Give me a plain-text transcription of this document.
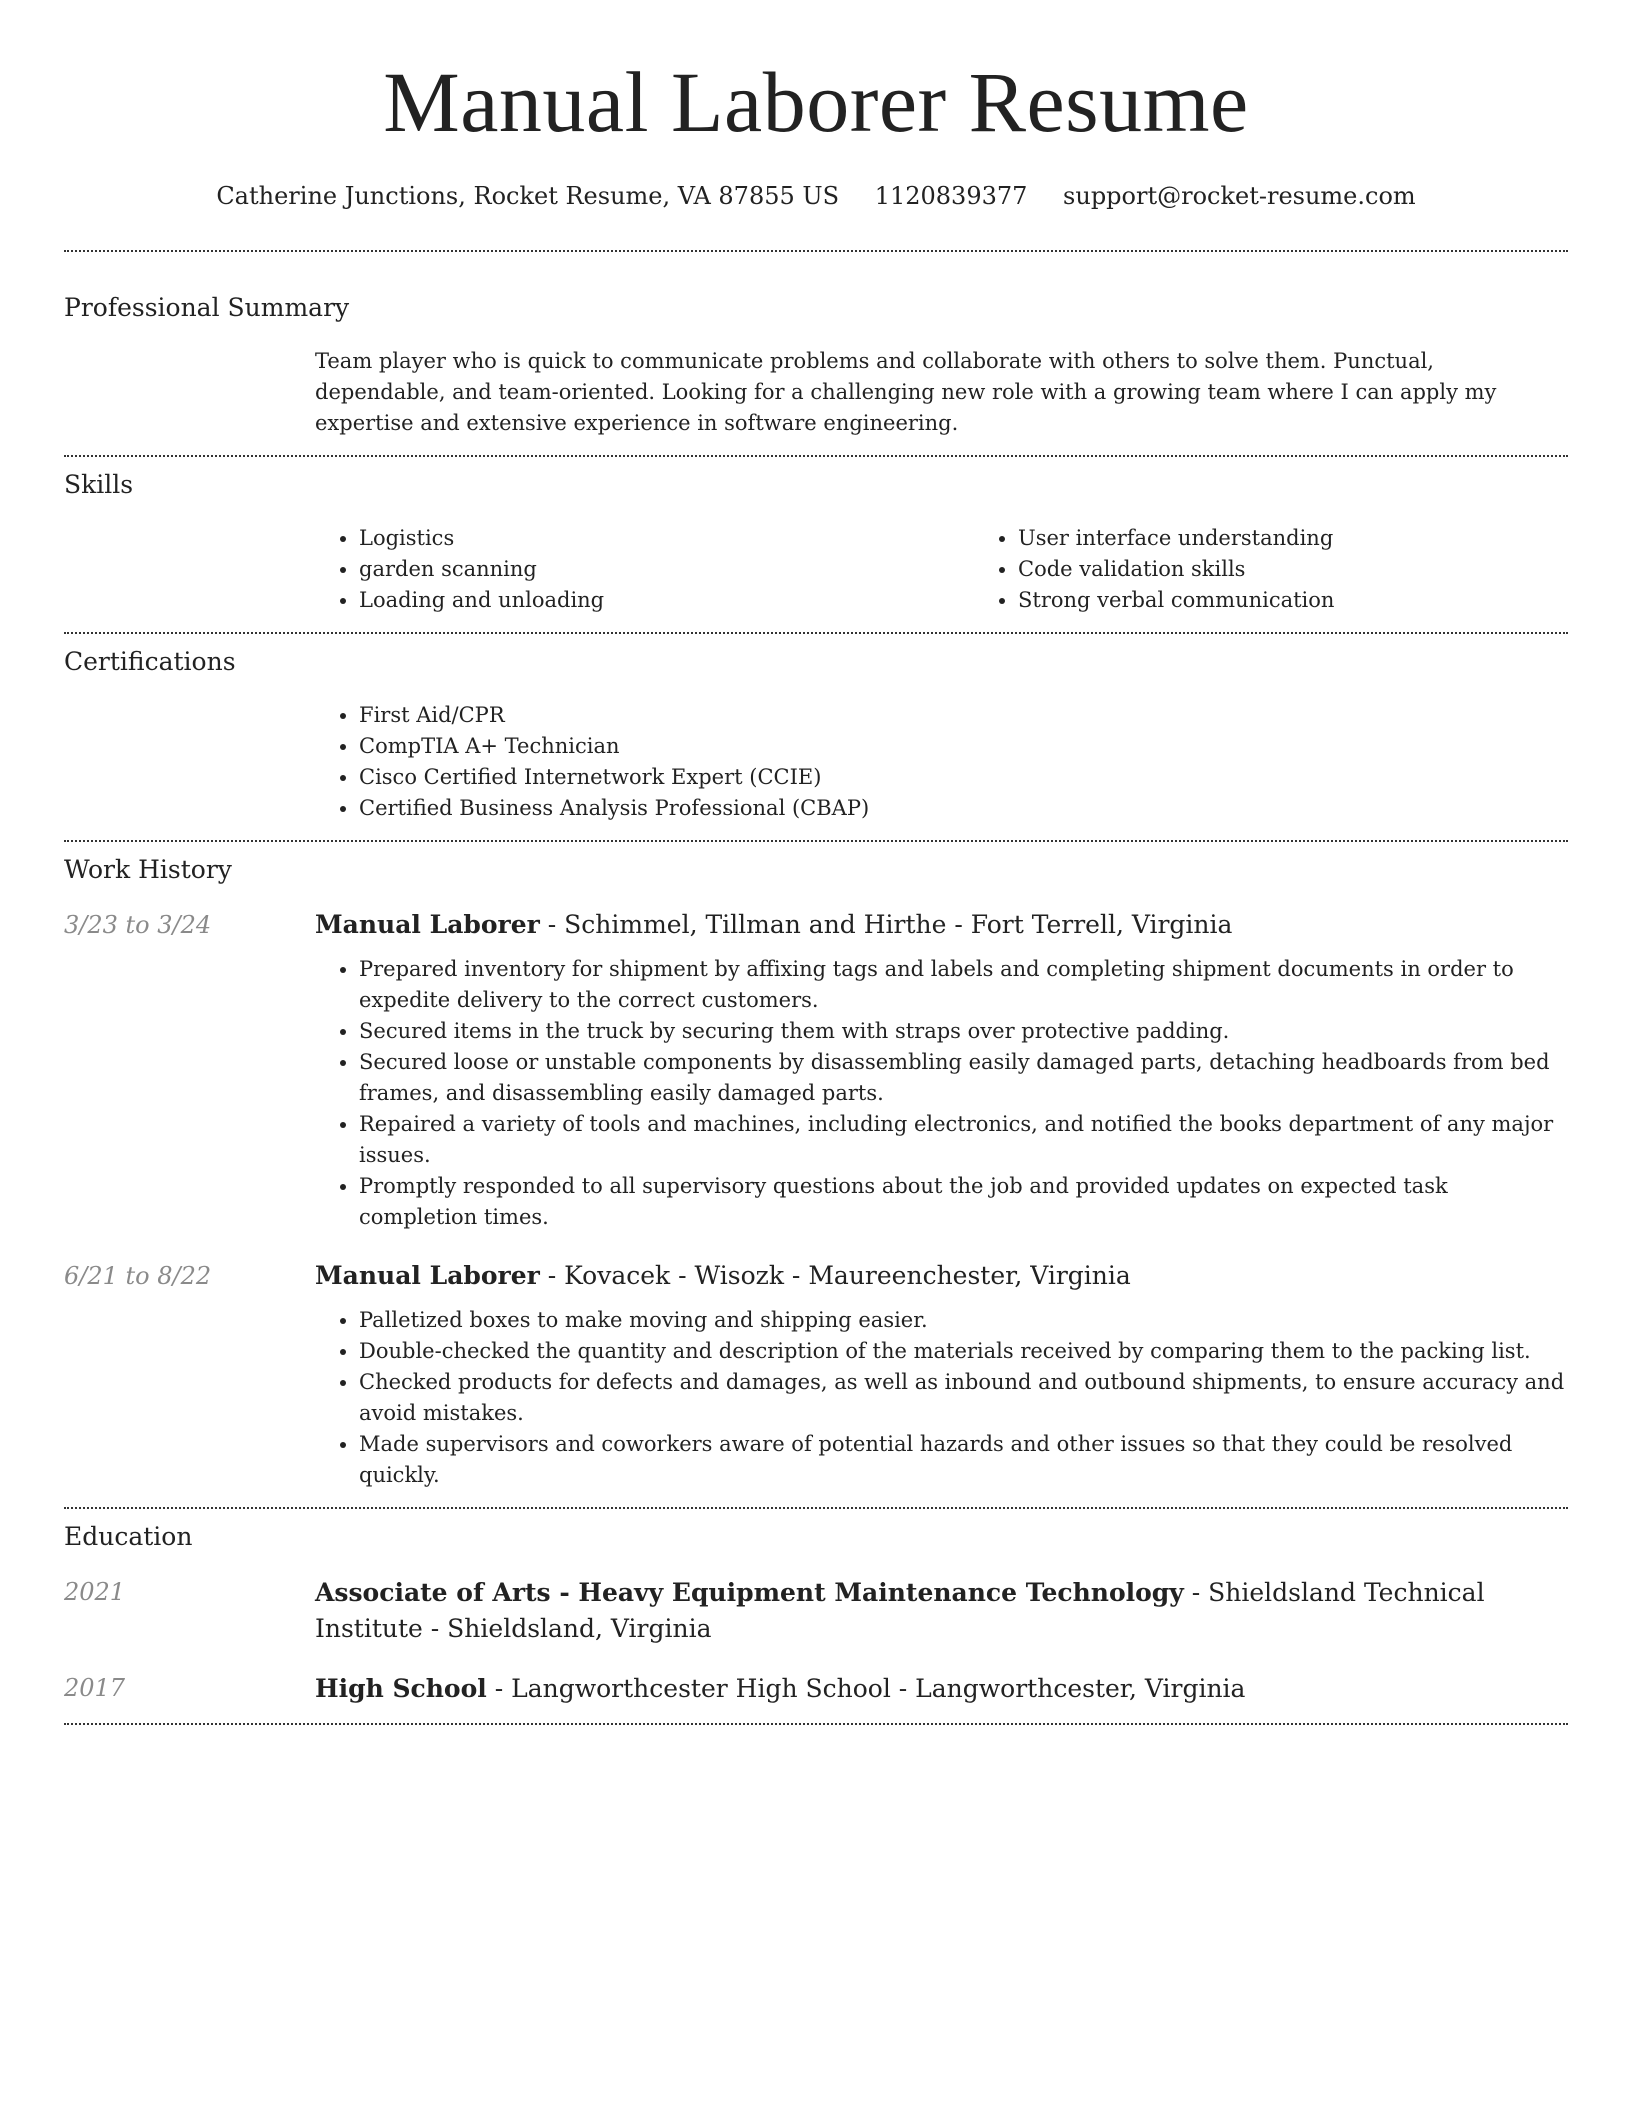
Manual Laborer Resume
Catherine Junctions, Rocket Resume, VA 87855 US 1120839377 support@rocket-resume.com
Professional Summary

Team player who is quick to communicate problems and collaborate with others to solve them. Punctual, dependable, and team-oriented. Looking for a challenging new role with a growing team where I can apply my expertise and extensive experience in software engineering.

Skills
• Logistics
• garden scanning
• Loading and unloading
• User interface understanding
• Code validation skills
• Strong verbal communication
Certifications
• First Aid/CPR
• CompTIA A+ Technician
• Cisco Certified Internetwork Expert (CCIE)
• Certified Business Analysis Professional (CBAP)
Work History
3/23 to 3/24	Manual Laborer - Schimmel, Tillman and Hirthe - Fort Terrell, Virginia
• Prepared inventory for shipment by affixing tags and labels and completing shipment documents in order to expedite delivery to the correct customers.
• Secured items in the truck by securing them with straps over protective padding.
• Secured loose or unstable components by disassembling easily damaged parts, detaching headboards from bed frames, and disassembling easily damaged parts.
• Repaired a variety of tools and machines, including electronics, and notified the books department of any major issues.
• Promptly responded to all supervisory questions about the job and provided updates on expected task completion times.
6/21 to 8/22	Manual Laborer - Kovacek - Wisozk - Maureenchester, Virginia
• Palletized boxes to make moving and shipping easier.
• Double-checked the quantity and description of the materials received by comparing them to the packing list.
• Checked products for defects and damages, as well as inbound and outbound shipments, to ensure accuracy and avoid mistakes.
• Made supervisors and coworkers aware of potential hazards and other issues so that they could be resolved quickly.
Education
2021	Associate of Arts - Heavy Equipment Maintenance Technology - Shieldsland Technical Institute - Shieldsland, Virginia
2017	High School - Langworthcester High School - Langworthcester, Virginia
